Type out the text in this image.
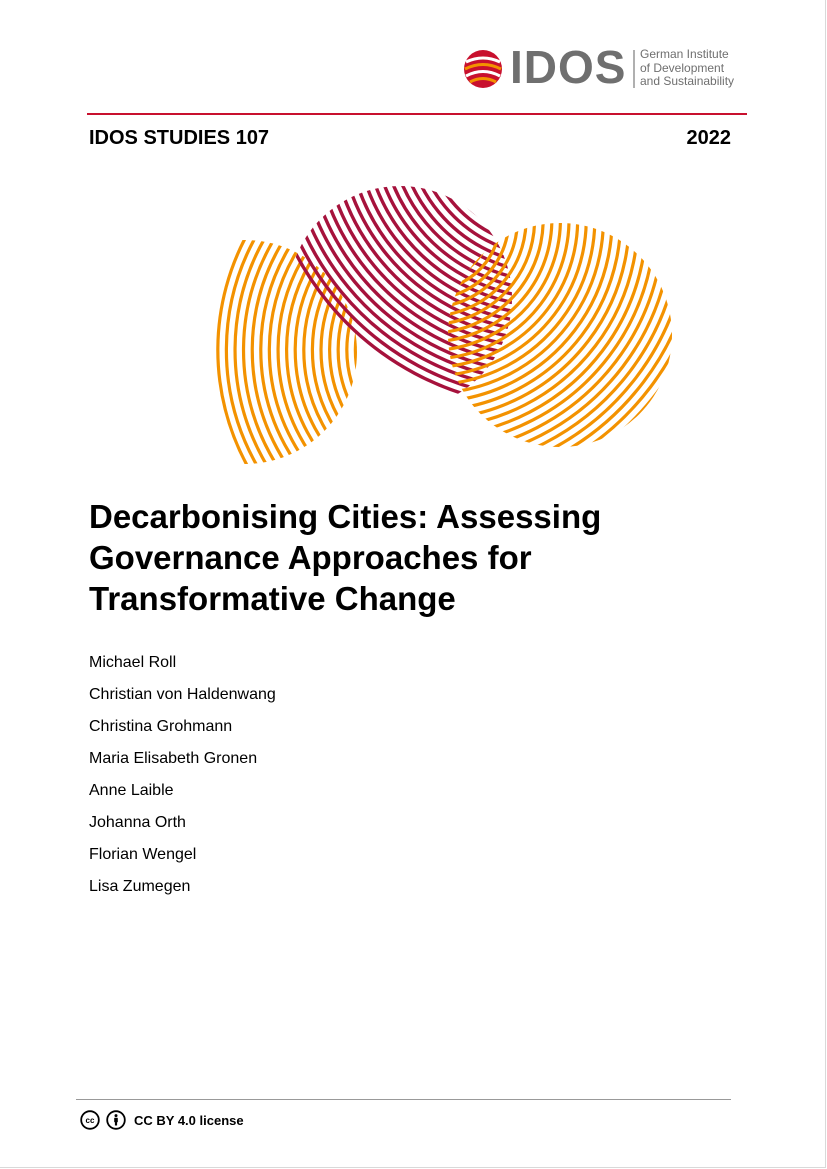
IDOS German Institute
of Development
and Sustainability
IDOS STUDIES 107	2022
Decarbonising Cities: Assessing
Governance Approaches for
Transformative Change
Michael Roll
Christian von Haldenwang
Christina Grohmann
Maria Elisabeth Gronen
Anne Laible
Johanna Orth
Florian Wengel
Lisa Zumegen
cc	CC BY 4.0 license
